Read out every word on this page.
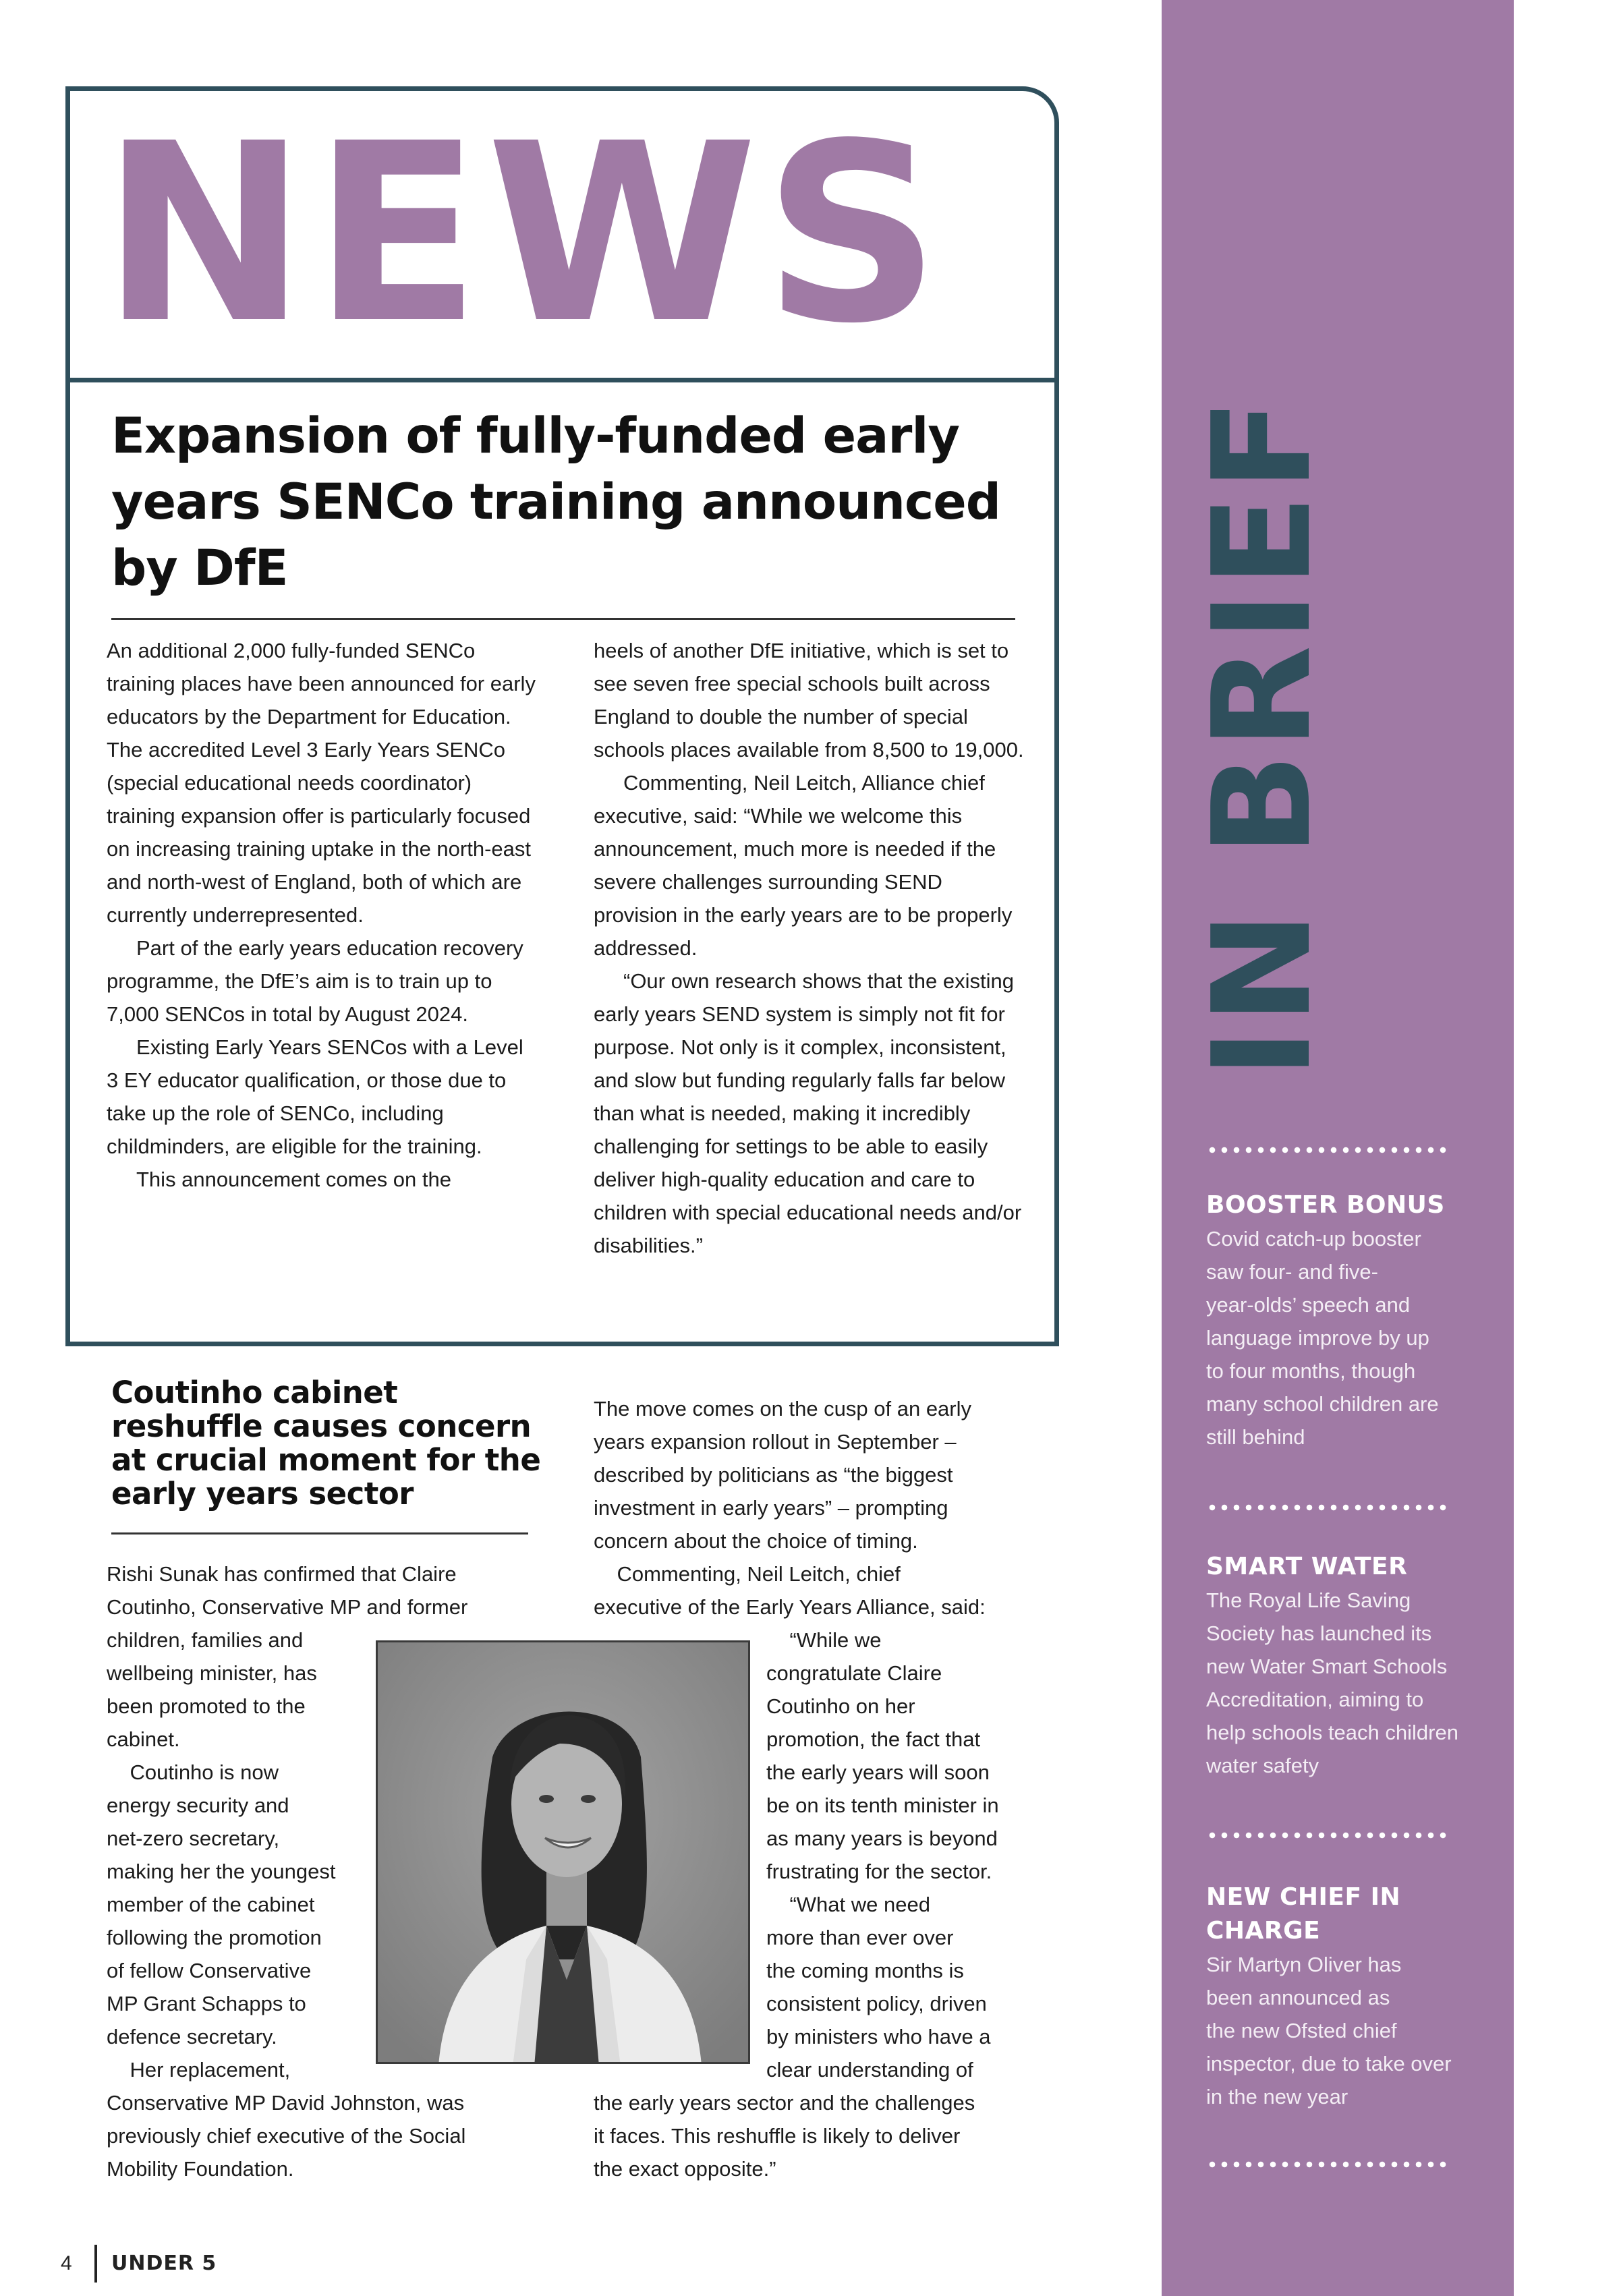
IN BRIEF
BOOSTER BONUS

Covid catch-up booster

saw four- and five-

year-olds’ speech and

language improve by up

to four months, though

many school children are

still behind

SMART WATER

The Royal Life Saving

Society has launched its

new Water Smart Schools

Accreditation, aiming to

help schools teach children

water safety

NEW CHIEF IN CHARGE

Sir Martyn Oliver has

been announced as

the new Ofsted chief

inspector, due to take over

in the new year

NEWS
Expansion of fully-funded early years SENCo training announced by DfE

An additional 2,000 fully-funded SENCo training places have been announced for early educators by the Department for Education.

The accredited Level 3 Early Years SENCo (special educational needs coordinator) training expansion offer is particularly focused on increasing training uptake in the north-east and north-west of England, both of which are currently underrepresented.

Part of the early years education recovery programme, the DfE’s aim is to train up to 7,000 SENCos in total by August 2024.

Existing Early Years SENCos with a Level 3 EY educator qualification, or those due to take up the role of SENCo, including childminders, are eligible for the training.

This announcement comes on the

heels of another DfE initiative, which is set to see seven free special schools built across England to double the number of special schools places available from 8,500 to 19,000.

Commenting, Neil Leitch, Alliance chief executive, said: “While we welcome this announcement, much more is needed if the severe challenges surrounding SEND provision in the early years are to be properly addressed.

“Our own research shows that the existing early years SEND system is simply not fit for purpose. Not only is it complex, inconsistent, and slow but funding regularly falls far below than what is needed, making it incredibly challenging for settings to be able to easily deliver high-quality education and care to children with special educational needs and/or disabilities.”

Coutinho cabinet reshuffle causes concern at crucial moment for the early years sector
Rishi Sunak has confirmed that Claire
Coutinho, Conservative MP and former
children, families and
wellbeing minister, has
been promoted to the
cabinet.
Coutinho is now
energy security and
net-zero secretary,
making her the youngest
member of the cabinet
following the promotion
of fellow Conservative
MP Grant Schapps to
defence secretary.
Her replacement,
Conservative MP David Johnston, was
previously chief executive of the Social
Mobility Foundation.
The move comes on the cusp of an early
years expansion rollout in September –
described by politicians as “the biggest
investment in early years” – prompting
concern about the choice of timing.
Commenting, Neil Leitch, chief
executive of the Early Years Alliance, said:
“While we
congratulate Claire
Coutinho on her
promotion, the fact that
the early years will soon
be on its tenth minister in
as many years is beyond
frustrating for the sector.
“What we need
more than ever over
the coming months is
consistent policy, driven
by ministers who have a
clear understanding of
the early years sector and the challenges
it faces. This reshuffle is likely to deliver
the exact opposite.”
4 UNDER 5
